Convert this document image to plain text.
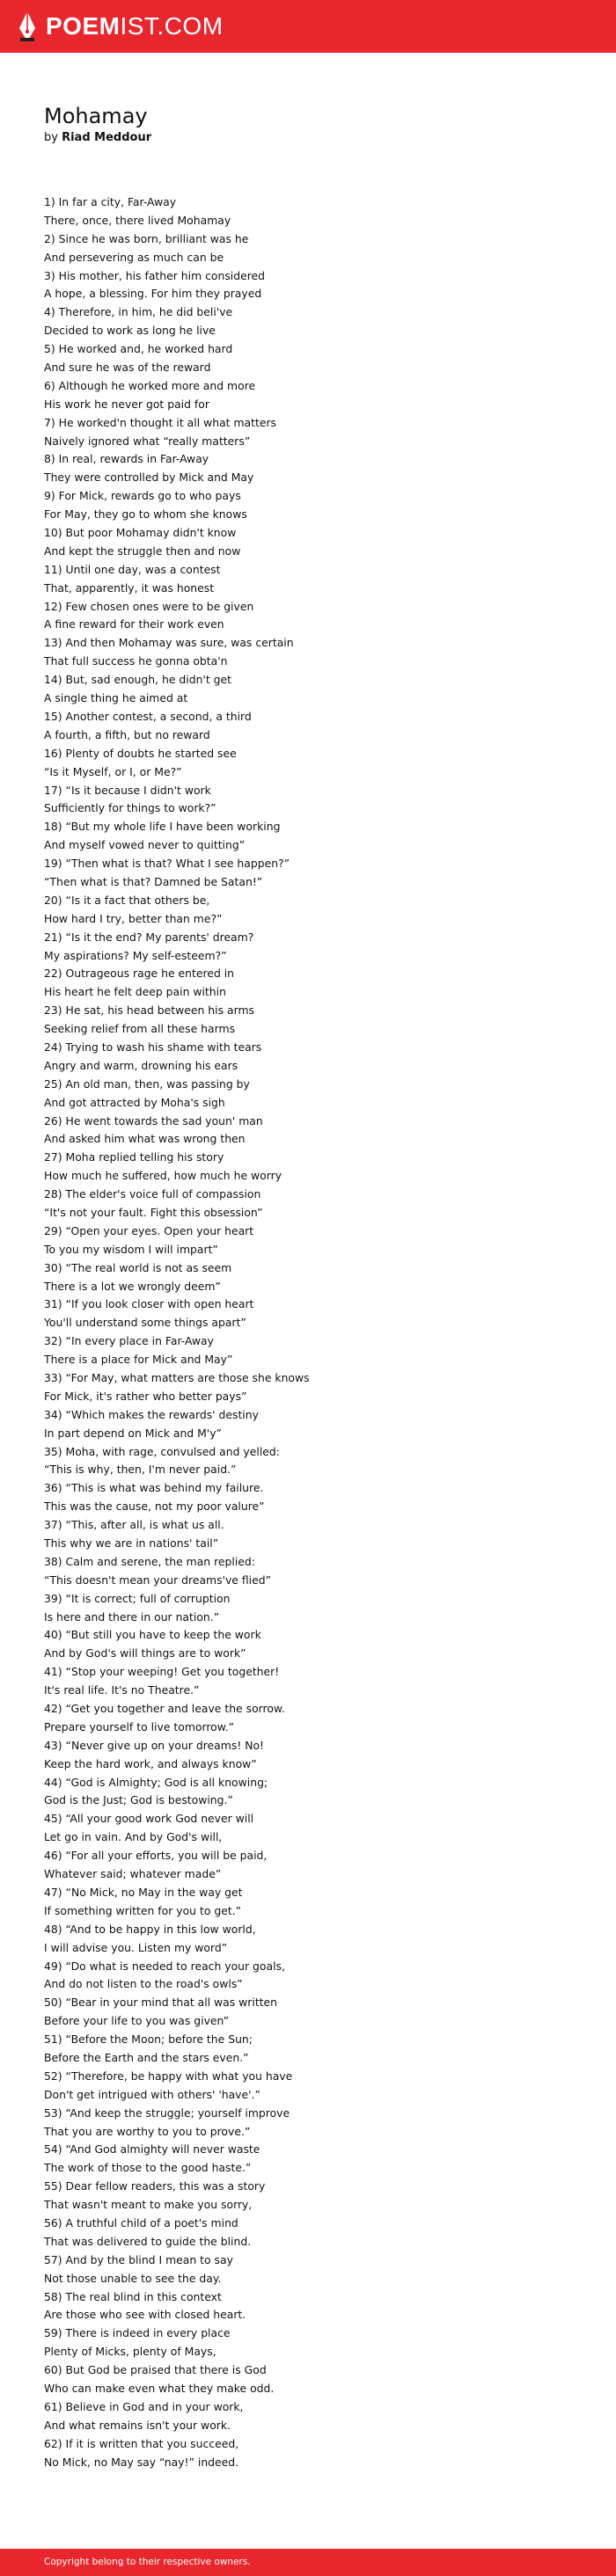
POEMIST.COM
Mohamay
by Riad Meddour
1) In far a city, Far-Away
There, once, there lived Mohamay
2) Since he was born, brilliant was he
And persevering as much can be
3) His mother, his father him considered
A hope, a blessing. For him they prayed
4) Therefore, in him, he did beli've
Decided to work as long he live
5) He worked and, he worked hard
And sure he was of the reward
6) Although he worked more and more
His work he never got paid for
7) He worked'n thought it all what matters
Naively ignored what “really matters”
8) In real, rewards in Far-Away
They were controlled by Mick and May
9) For Mick, rewards go to who pays
For May, they go to whom she knows
10) But poor Mohamay didn't know
And kept the struggle then and now
11) Until one day, was a contest
That, apparently, it was honest
12) Few chosen ones were to be given
A fine reward for their work even
13) And then Mohamay was sure, was certain
That full success he gonna obta'n
14) But, sad enough, he didn't get
A single thing he aimed at
15) Another contest, a second, a third
A fourth, a fifth, but no reward
16) Plenty of doubts he started see
“Is it Myself, or I, or Me?”
17) “Is it because I didn't work
Sufficiently for things to work?”
18) “But my whole life I have been working
And myself vowed never to quitting”
19) “Then what is that? What I see happen?”
“Then what is that? Damned be Satan!”
20) “Is it a fact that others be,
How hard I try, better than me?”
21) “Is it the end? My parents' dream?
My aspirations? My self-esteem?”
22) Outrageous rage he entered in
His heart he felt deep pain within
23) He sat, his head between his arms
Seeking relief from all these harms
24) Trying to wash his shame with tears
Angry and warm, drowning his ears
25) An old man, then, was passing by
And got attracted by Moha's sigh
26) He went towards the sad youn' man
And asked him what was wrong then
27) Moha replied telling his story
How much he suffered, how much he worry
28) The elder's voice full of compassion
“It's not your fault. Fight this obsession”
29) “Open your eyes. Open your heart
To you my wisdom I will impart”
30) “The real world is not as seem
There is a lot we wrongly deem”
31) “If you look closer with open heart
You'll understand some things apart”
32) “In every place in Far-Away
There is a place for Mick and May”
33) “For May, what matters are those she knows
For Mick, it's rather who better pays”
34) “Which makes the rewards' destiny
In part depend on Mick and M'y”
35) Moha, with rage, convulsed and yelled:
“This is why, then, I'm never paid.”
36) “This is what was behind my failure.
This was the cause, not my poor valure”
37) “This, after all, is what us all.
This why we are in nations' tail”
38) Calm and serene, the man replied:
“This doesn't mean your dreams've flied”
39) “It is correct; full of corruption
Is here and there in our nation.”
40) “But still you have to keep the work
And by God's will things are to work”
41) “Stop your weeping! Get you together!
It's real life. It's no Theatre.”
42) “Get you together and leave the sorrow.
Prepare yourself to live tomorrow.”
43) “Never give up on your dreams! No!
Keep the hard work, and always know”
44) “God is Almighty; God is all knowing;
God is the Just; God is bestowing.”
45) “All your good work God never will
Let go in vain. And by God's will,
46) “For all your efforts, you will be paid,
Whatever said; whatever made”
47) “No Mick, no May in the way get
If something written for you to get.”
48) “And to be happy in this low world,
I will advise you. Listen my word”
49) “Do what is needed to reach your goals,
And do not listen to the road's owls”
50) “Bear in your mind that all was written
Before your life to you was given”
51) “Before the Moon; before the Sun;
Before the Earth and the stars even.”
52) “Therefore, be happy with what you have
Don't get intrigued with others' 'have'.”
53) “And keep the struggle; yourself improve
That you are worthy to you to prove.”
54) “And God almighty will never waste
The work of those to the good haste.”
55) Dear fellow readers, this was a story
That wasn't meant to make you sorry,
56) A truthful child of a poet's mind
That was delivered to guide the blind.
57) And by the blind I mean to say
Not those unable to see the day.
58) The real blind in this context
Are those who see with closed heart.
59) There is indeed in every place
Plenty of Micks, plenty of Mays,
60) But God be praised that there is God
Who can make even what they make odd.
61) Believe in God and in your work,
And what remains isn't your work.
62) If it is written that you succeed,
No Mick, no May say “nay!” indeed.
Copyright belong to their respective owners.
